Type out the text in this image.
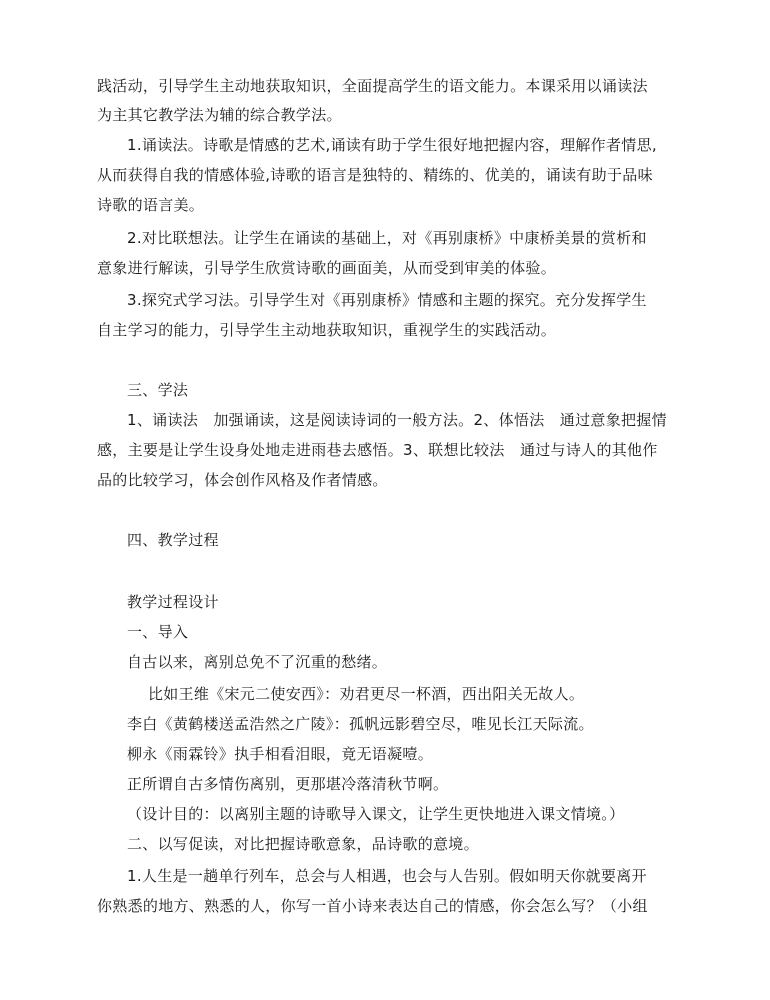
践活动，引导学生主动地获取知识，全面提高学生的语文能力。本课采用以诵读法
为主其它教学法为辅的综合教学法。
1.诵读法。诗歌是情感的艺术,诵读有助于学生很好地把握内容，理解作者情思,
从而获得自我的情感体验,诗歌的语言是独特的、精练的、优美的，诵读有助于品味
诗歌的语言美。
2.对比联想法。让学生在诵读的基础上，对《再别康桥》中康桥美景的赏析和
意象进行解读，引导学生欣赏诗歌的画面美，从而受到审美的体验。
3.探究式学习法。引导学生对《再别康桥》情感和主题的探究。充分发挥学生
自主学习的能力，引导学生主动地获取知识，重视学生的实践活动。
三、学法
1、诵读法　加强诵读，这是阅读诗词的一般方法。2、体悟法　通过意象把握情
感，主要是让学生设身处地走进雨巷去感悟。3、联想比较法　通过与诗人的其他作
品的比较学习，体会创作风格及作者情感。
四、教学过程
教学过程设计
一、导入
自古以来，离别总免不了沉重的愁绪。
比如王维《宋元二使安西》：劝君更尽一杯酒，西出阳关无故人。
李白《黄鹤楼送孟浩然之广陵》：孤帆远影碧空尽，唯见长江天际流。
柳永《雨霖铃》执手相看泪眼，竟无语凝噎。
正所谓自古多情伤离别，更那堪冷落清秋节啊。
（设计目的：以离别主题的诗歌导入课文，让学生更快地进入课文情境。）
二、以写促读，对比把握诗歌意象，品诗歌的意境。
1.人生是一趟单行列车，总会与人相遇，也会与人告别。假如明天你就要离开
你熟悉的地方、熟悉的人，你写一首小诗来表达自己的情感，你会怎么写？（小组
